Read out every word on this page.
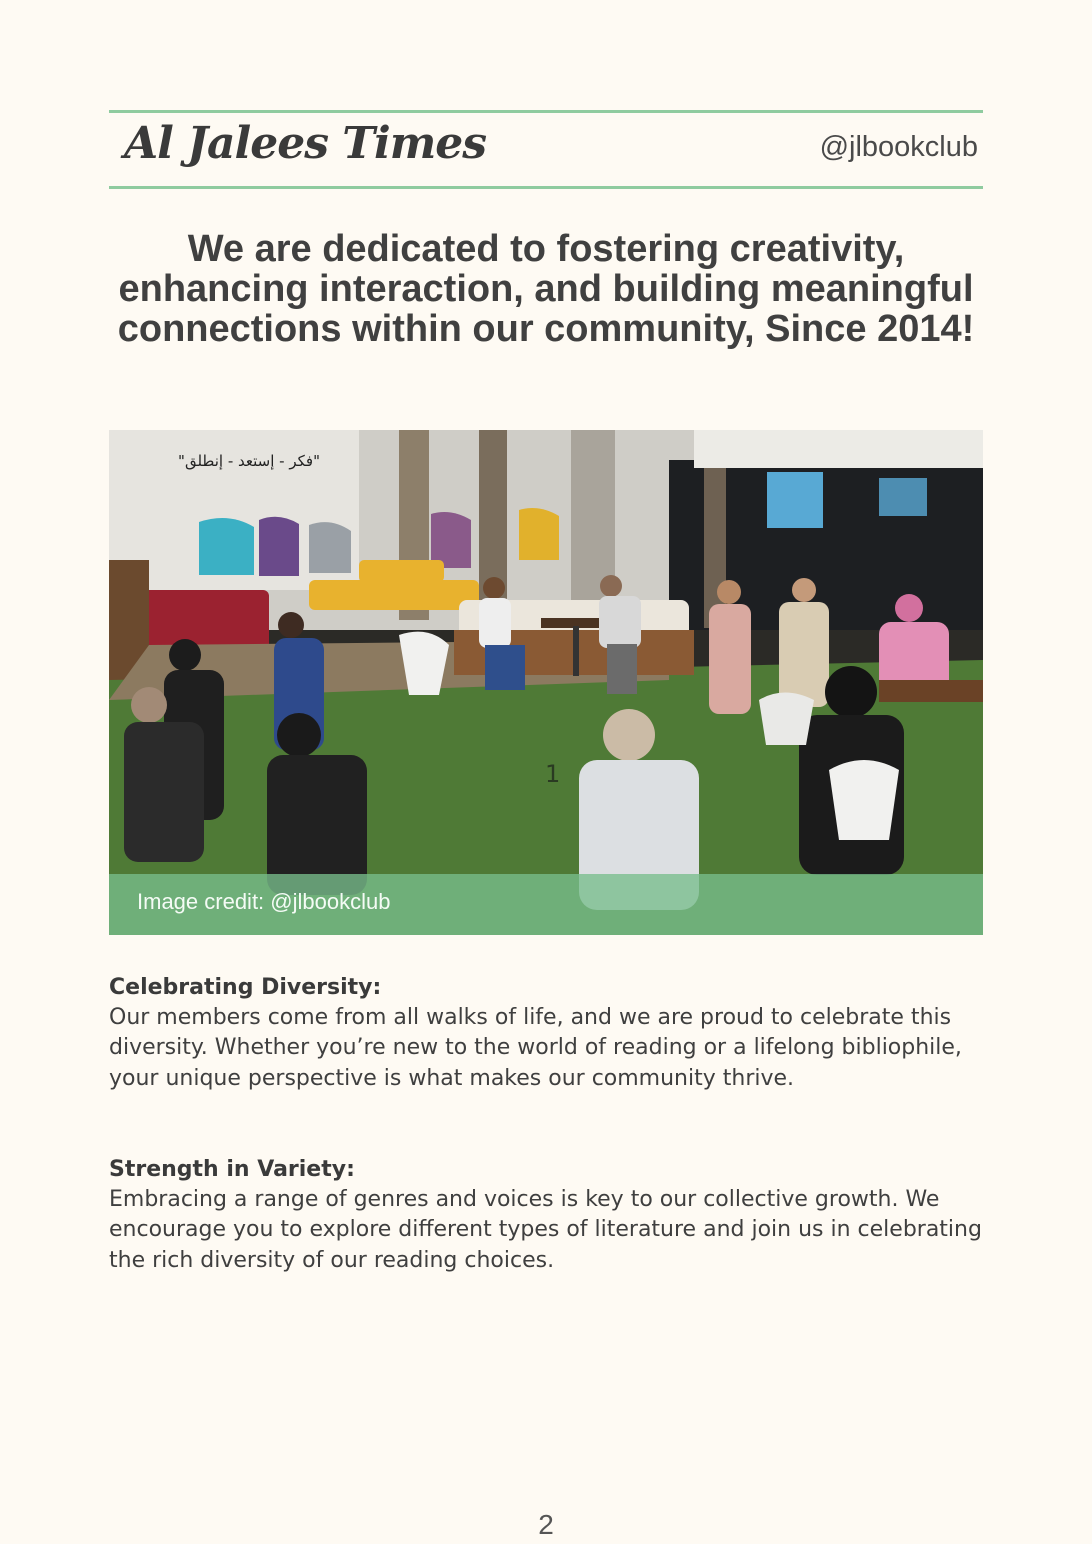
Al Jalees Times	@jlbookclub
We are dedicated to fostering creativity, enhancing interaction, and building meaningful connections within our community, Since 2014!
"فكر - إستعد - إنطلق"
1
Image credit: @jlbookclub
Celebrating Diversity:

Our members come from all walks of life, and we are proud to celebrate this diversity. Whether you’re new to the world of reading or a lifelong bibliophile, your unique perspective is what makes our community thrive.

Strength in Variety:

Embracing a range of genres and voices is key to our collective growth. We encourage you to explore different types of literature and join us in celebrating the rich diversity of our reading choices.

2
